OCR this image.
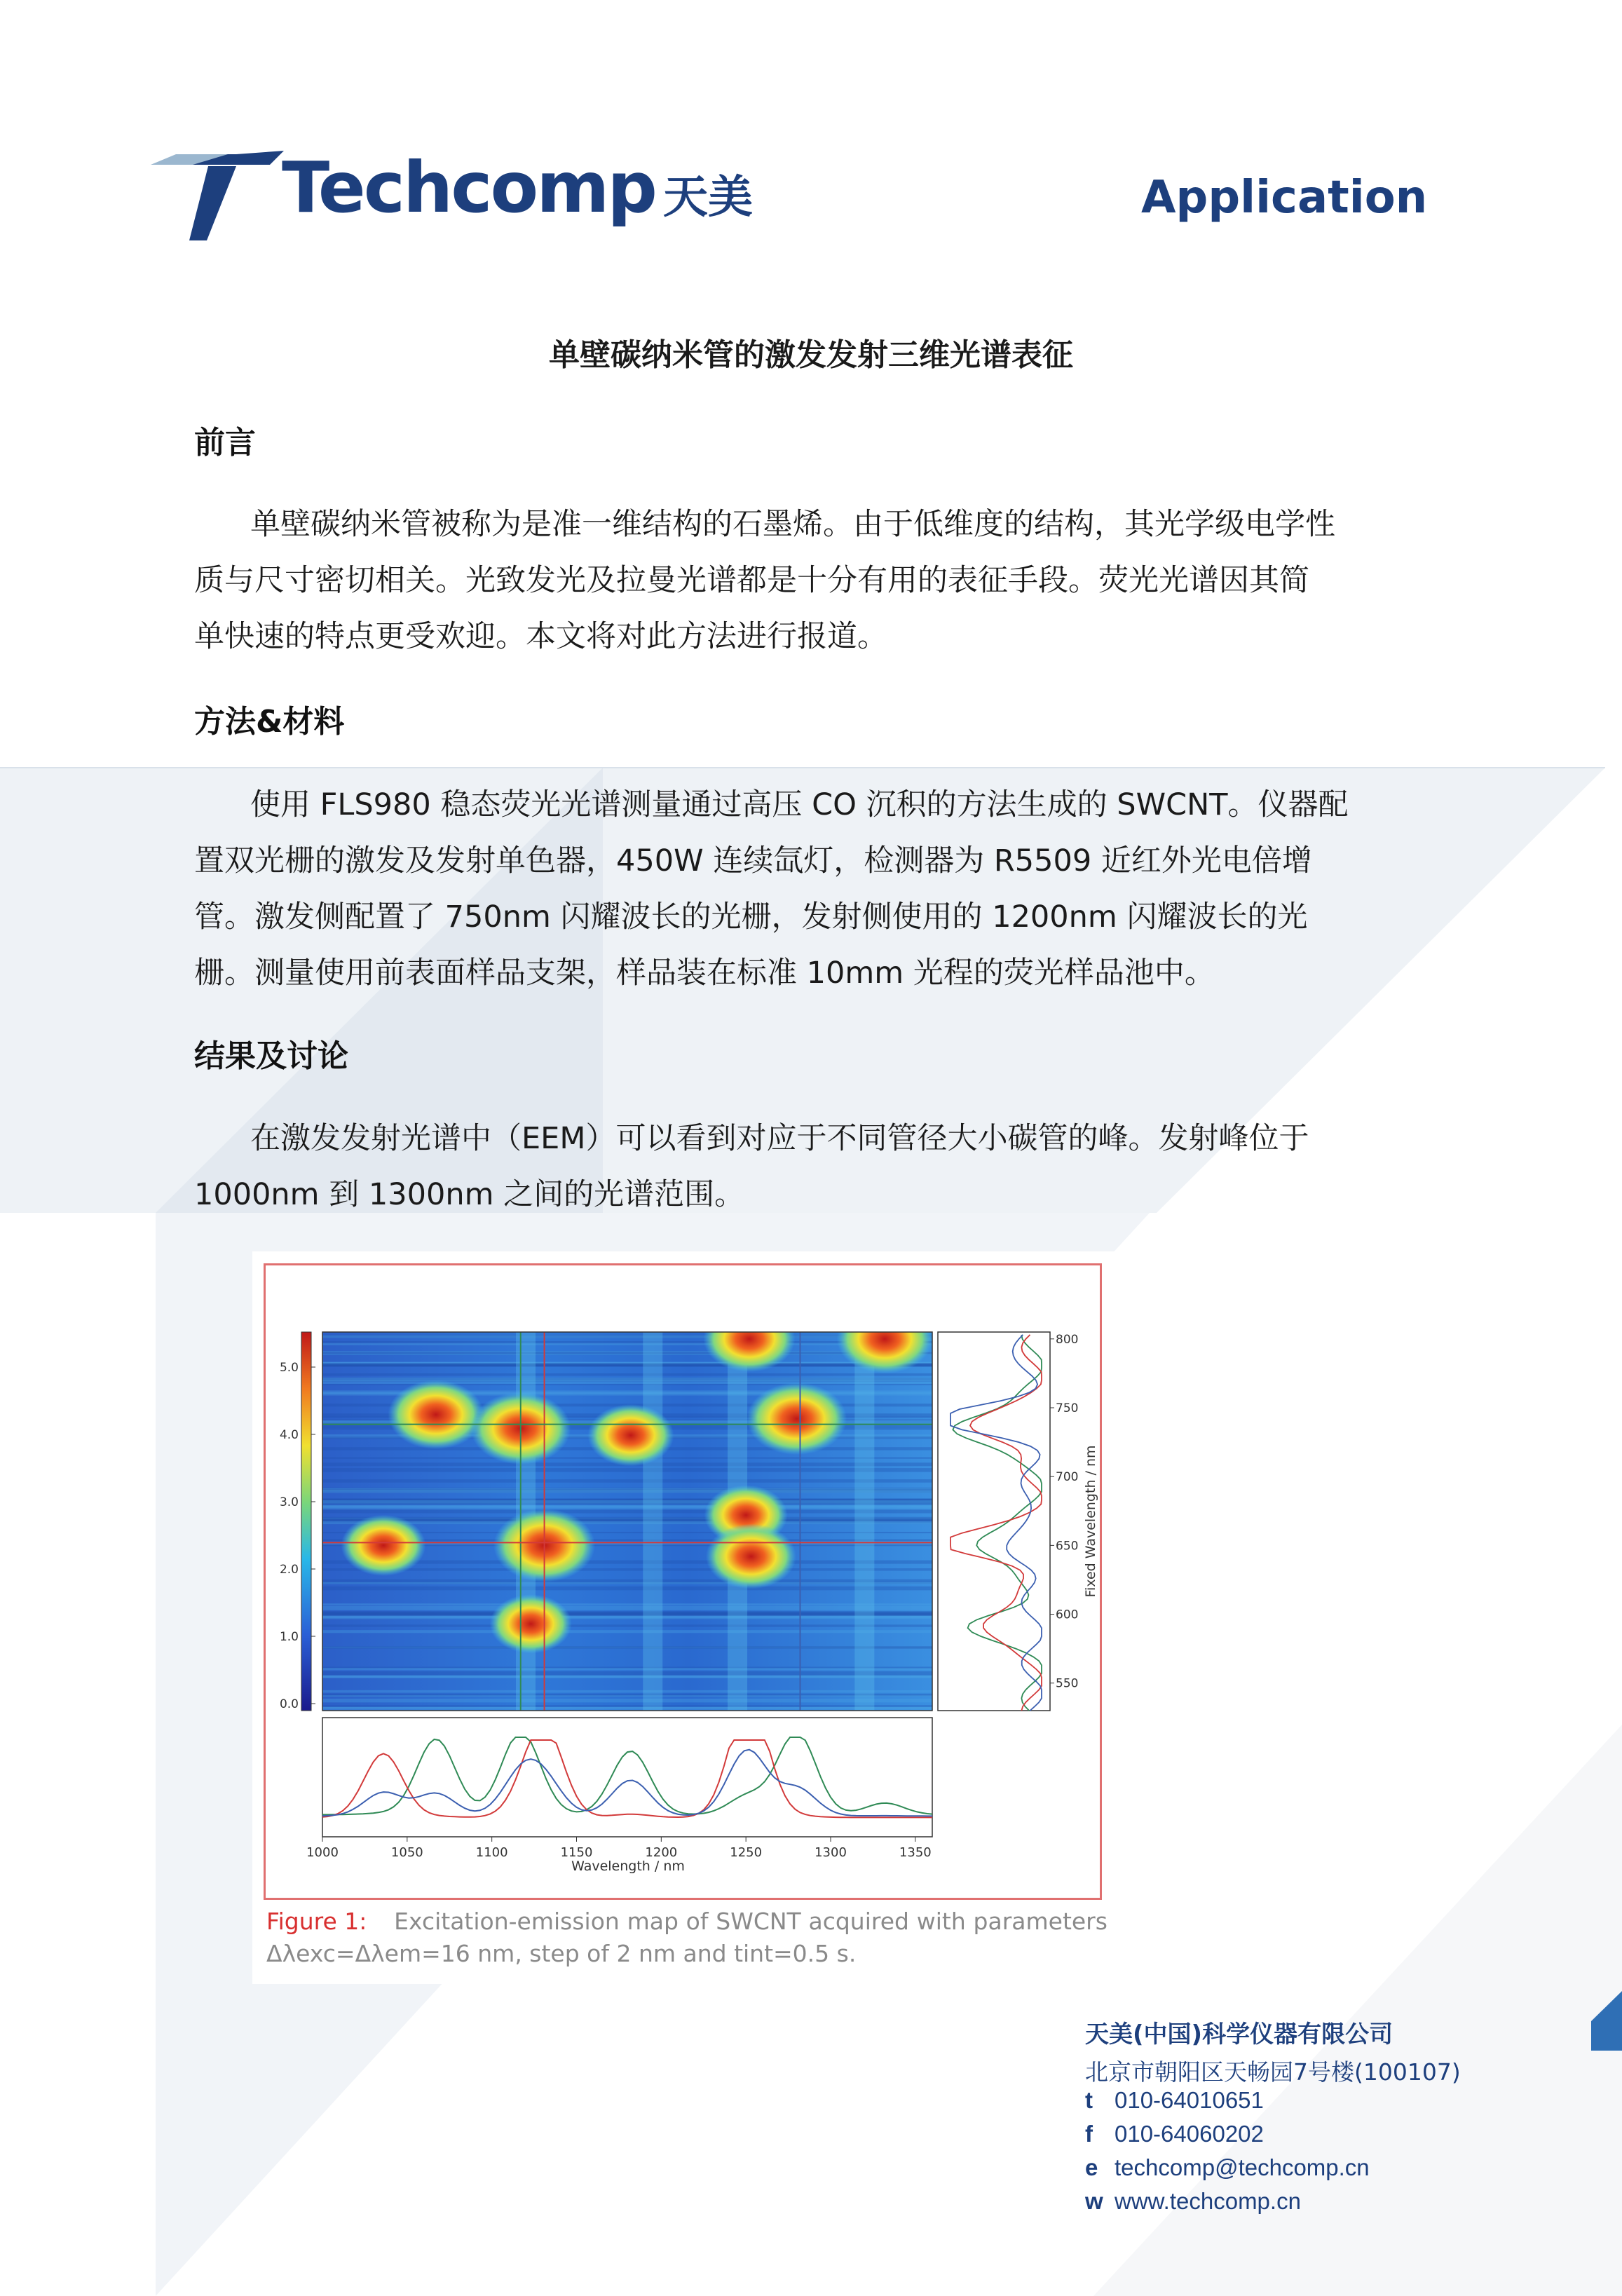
Techcomp 天美	Application
单壁碳纳米管的激发发射三维光谱表征
前言
单壁碳纳米管被称为是准一维结构的石墨烯。由于低维度的结构，其光学级电学性
质与尺寸密切相关。光致发光及拉曼光谱都是十分有用的表征手段。荧光光谱因其简
单快速的特点更受欢迎。本文将对此方法进行报道。
方法&材料
使用 FLS980 稳态荧光光谱测量通过高压 CO 沉积的方法生成的 SWCNT。仪器配
置双光栅的激发及发射单色器，450W 连续氙灯，检测器为 R5509 近红外光电倍增
管。激发侧配置了 750nm 闪耀波长的光栅，发射侧使用的 1200nm 闪耀波长的光
栅。测量使用前表面样品支架，样品装在标准 10mm 光程的荧光样品池中。
结果及讨论
在激发发射光谱中（EEM）可以看到对应于不同管径大小碳管的峰。发射峰位于
1000nm 到 1300nm 之间的光谱范围。
0.0
1.0
2.0
3.0
4.0
5.0
550
600
650
700
750
800
Fixed Wavelength / nm
1000	1050	1100	1150	1200	1250	1300	1350
Wavelength / nm
Figure 1: Excitation-emission map of SWCNT acquired with parameters
Δλexc=Δλem=16 nm, step of 2 nm and tint=0.5 s.
天美(中国)科学仪器有限公司
北京市朝阳区天畅园7号楼(100107)
t 010-64010651
f 010-64060202
e techcomp@techcomp.cn
w www.techcomp.cn
